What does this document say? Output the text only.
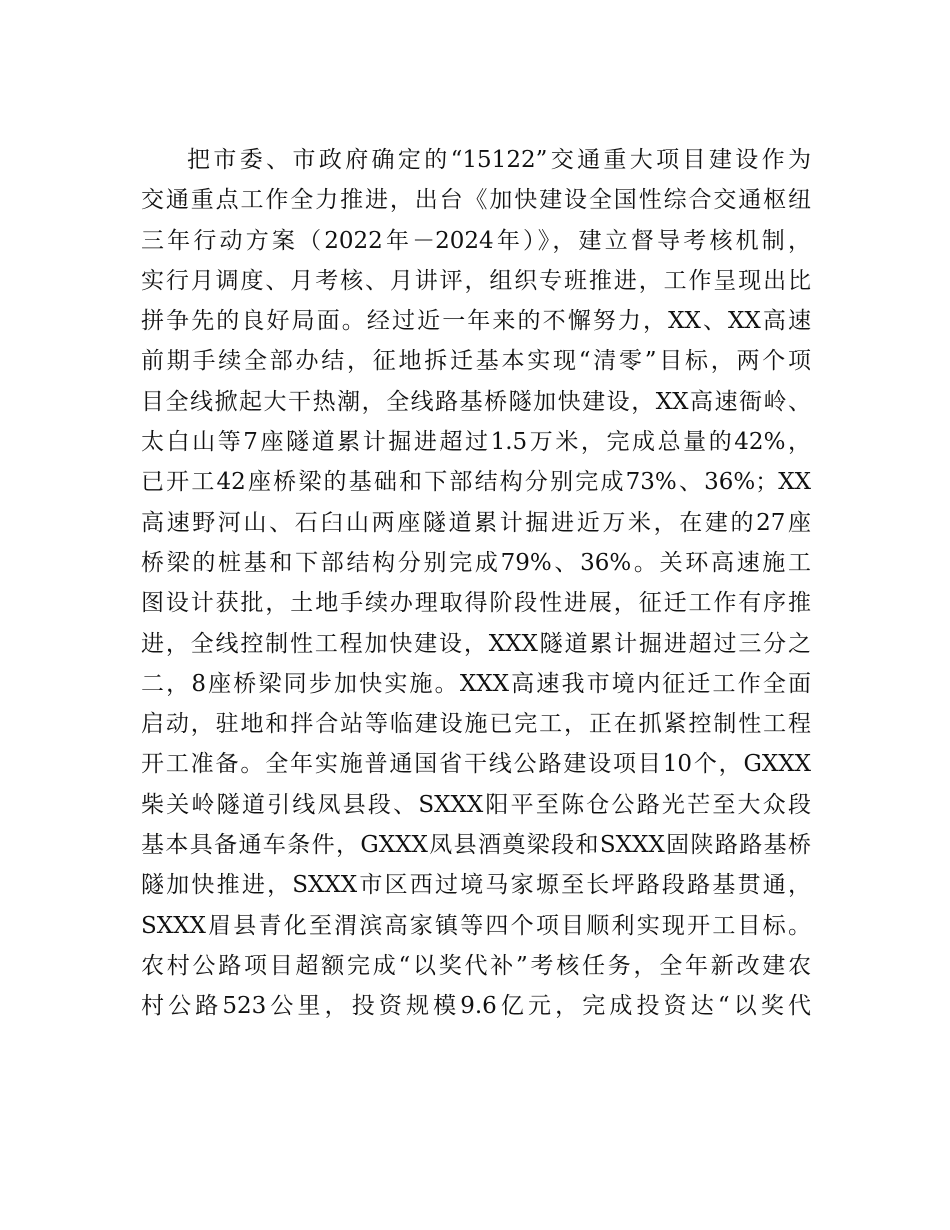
把市委、市政府确定的“15122”交通重大项目建设作为
交通重点工作全力推进，出台《加快建设全国性综合交通枢纽
三年行动方案（2022年－2024年）》，建立督导考核机制，
实行月调度、月考核、月讲评，组织专班推进，工作呈现出比
拼争先的良好局面。经过近一年来的不懈努力，XX、XX高速
前期手续全部办结，征地拆迁基本实现“清零”目标，两个项
目全线掀起大干热潮，全线路基桥隧加快建设，XX高速衙岭、
太白山等7座隧道累计掘进超过1.5万米，完成总量的42%，
已开工42座桥梁的基础和下部结构分别完成73%、36%；XX
高速野河山、石臼山两座隧道累计掘进近万米，在建的27座
桥梁的桩基和下部结构分别完成79%、36%。关环高速施工
图设计获批，土地手续办理取得阶段性进展，征迁工作有序推
进，全线控制性工程加快建设，XXX隧道累计掘进超过三分之
二，8座桥梁同步加快实施。XXX高速我市境内征迁工作全面
启动，驻地和拌合站等临建设施已完工，正在抓紧控制性工程
开工准备。全年实施普通国省干线公路建设项目10个，GXXX
柴关岭隧道引线凤县段、SXXX阳平至陈仓公路光芒至大众段
基本具备通车条件，GXXX凤县酒奠梁段和SXXX固陕路路基桥
隧加快推进，SXXX市区西过境马家塬至长坪路段路基贯通，
SXXX眉县青化至渭滨高家镇等四个项目顺利实现开工目标。
农村公路项目超额完成“以奖代补”考核任务，全年新改建农
村公路523公里，投资规模9.6亿元，完成投资达“以奖代
